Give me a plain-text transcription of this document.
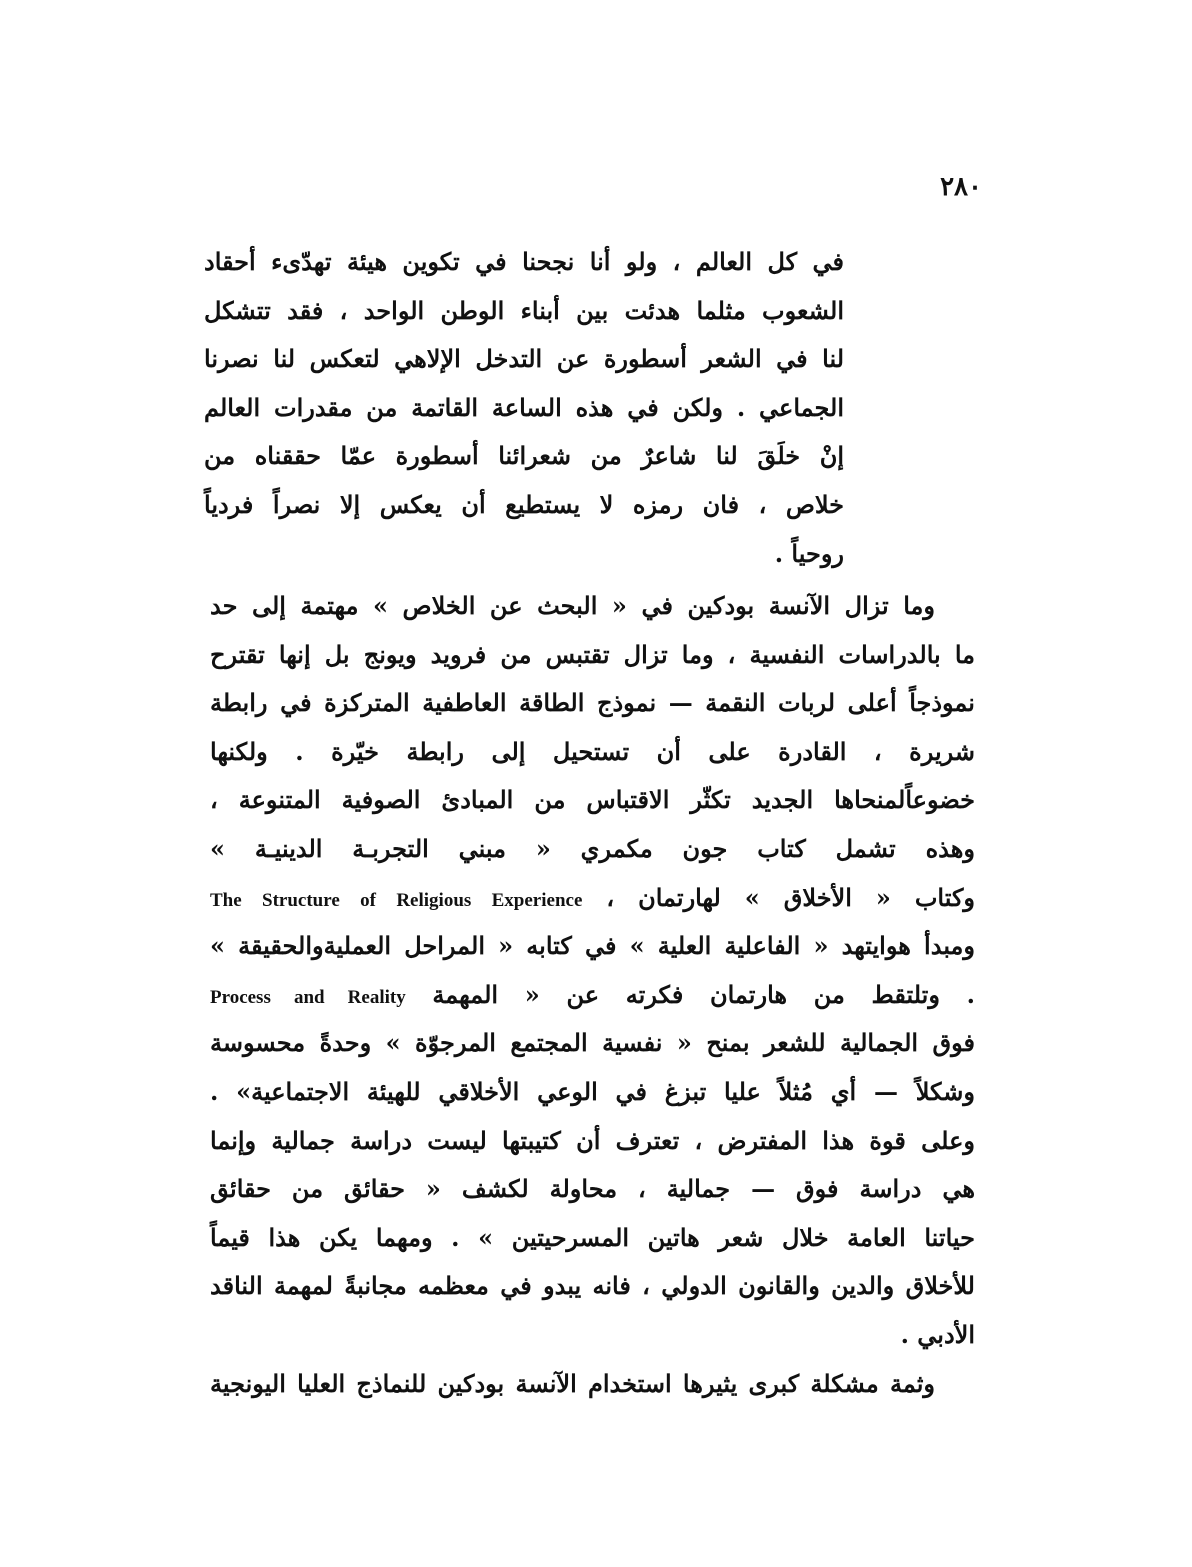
٢٨٠
في كل العالم ، ولو أنا نجحنا في تكوين هيئة تهدّىء أحقاد
الشعوب مثلما هدئت بين أبناء الوطن الواحد ، فقد تتشكل
لنا في الشعر أسطورة عن التدخل الإلاهي لتعكس لنا نصرنا
الجماعي . ولكن في هذه الساعة القاتمة من مقدرات العالم
إنْ خلَقَ لنا شاعرٌ من شعرائنا أسطورة عمّا حققناه من
خلاص ، فان رمزه لا يستطيع أن يعكس إلا نصراً فردياً
روحياً .
وما تزال الآنسة بودكين في « البحث عن الخلاص » مهتمة إلى حد
ما بالدراسات النفسية ، وما تزال تقتبس من فرويد ويونج بل إنها تقترح
نموذجاً أعلى لربات النقمة — نموذج الطاقة العاطفية المتركزة في رابطة
شريرة ، القادرة على أن تستحيل إلى رابطة خيّرة . ولكنها
خضوعاًلمنحاها الجديد تكثّر الاقتباس من المبادئ الصوفية المتنوعة ،
وهذه تشمل كتاب جون مكمري « مبني التجربـة الدينيـة »
وكتاب « الأخلاق » لهارتمان ، The Structure of Religious Experience
ومبدأ هوايتهد « الفاعلية العلية » في كتابه « المراحل العمليةوالحقيقة »
. وتلتقط من هارتمان فكرته عن « المهمة Process and Reality
فوق الجمالية للشعر بمنح « نفسية المجتمع المرجوّة » وحدةً محسوسة
وشكلاً — أي مُثلاً عليا تبزغ في الوعي الأخلاقي للهيئة الاجتماعية» .
وعلى قوة هذا المفترض ، تعترف أن كتيبتها ليست دراسة جمالية وإنما
هي دراسة فوق — جمالية ، محاولة لكشف « حقائق من حقائق
حياتنا العامة خلال شعر هاتين المسرحيتين » . ومهما يكن هذا قيماً
للأخلاق والدين والقانون الدولي ، فانه يبدو في معظمه مجانبةً لمهمة الناقد
الأدبي .
وثمة مشكلة كبرى يثيرها استخدام الآنسة بودكين للنماذج العليا اليونجية
